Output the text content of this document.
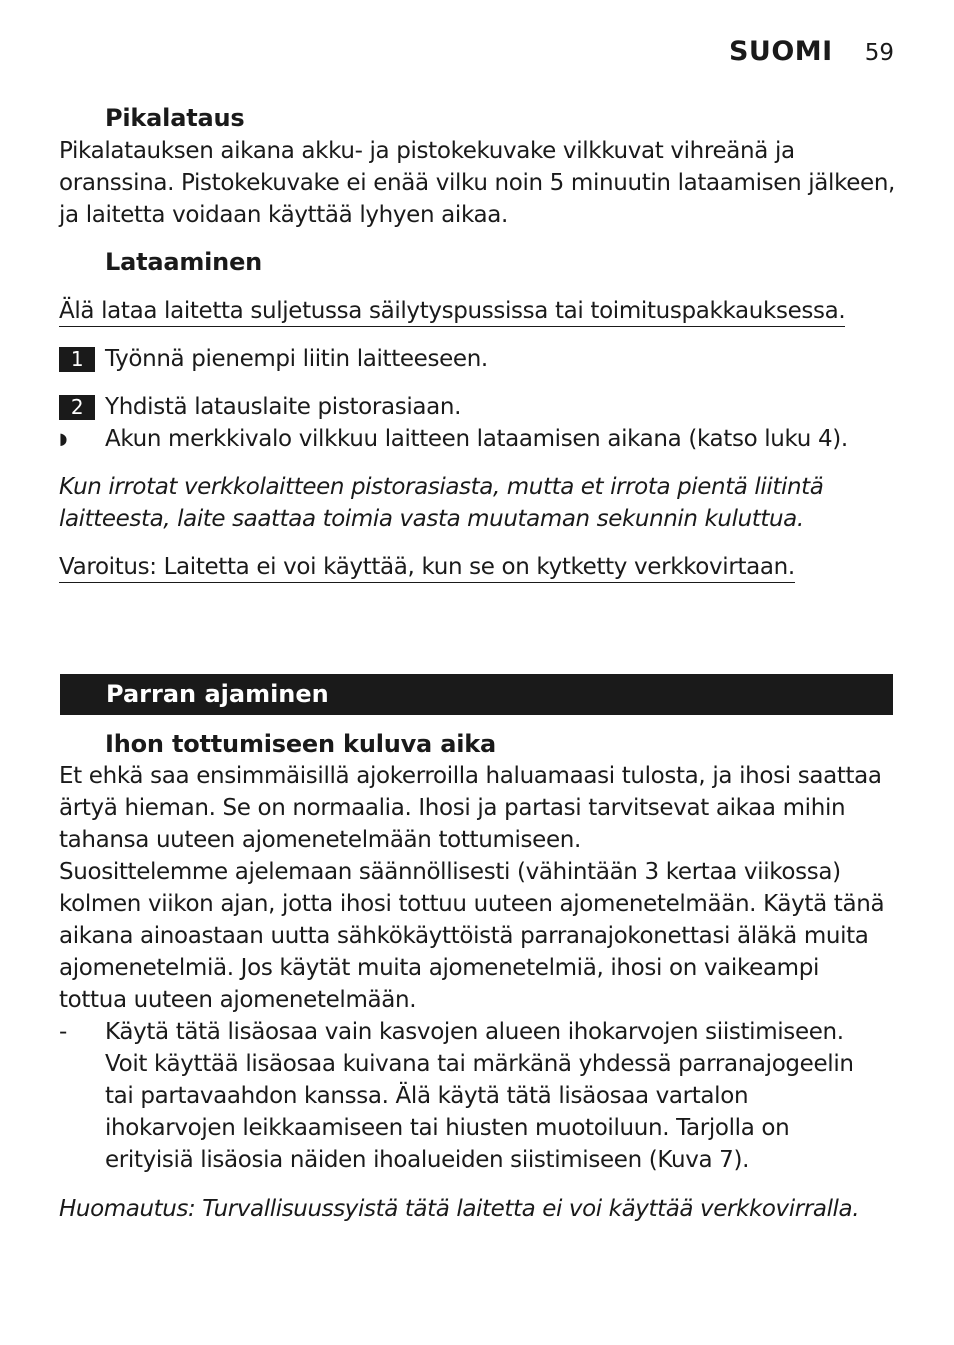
SUOMI 59
Pikalataus
Pikalatauksen aikana akku- ja pistokekuvake vilkkuvat vihreänä ja oranssina. Pistokekuvake ei enää vilku noin 5 minuutin lataamisen jälkeen, ja laitetta voidaan käyttää lyhyen aikaa.
Lataaminen
Älä lataa laitetta suljetussa säilytyspussissa tai toimituspakkauksessa.
1 Työnnä pienempi liitin laitteeseen.
2 Yhdistä latauslaite pistorasiaan.
◗	Akun merkkivalo vilkkuu laitteen lataamisen aikana (katso luku 4).
Kun irrotat verkkolaitteen pistorasiasta, mutta et irrota pientä liitintä laitteesta, laite saattaa toimia vasta muutaman sekunnin kuluttua.
Varoitus: Laitetta ei voi käyttää, kun se on kytketty verkkovirtaan.
Parran ajaminen
Ihon tottumiseen kuluva aika
Et ehkä saa ensimmäisillä ajokerroilla haluamaasi tulosta, ja ihosi saattaa ärtyä hieman. Se on normaalia. Ihosi ja partasi tarvitsevat aikaa mihin tahansa uuteen ajomenetelmään tottumiseen.
Suosittelemme ajelemaan säännöllisesti (vähintään 3 kertaa viikossa) kolmen viikon ajan, jotta ihosi tottuu uuteen ajomenetelmään. Käytä tänä aikana ainoastaan uutta sähkökäyttöistä parranajokonettasi äläkä muita ajomenetelmiä. Jos käytät muita ajomenetelmiä, ihosi on vaikeampi tottua uuteen ajomenetelmään.
-	Käytä tätä lisäosaa vain kasvojen alueen ihokarvojen siistimiseen. Voit käyttää lisäosaa kuivana tai märkänä yhdessä parranajogeelin tai partavaahdon kanssa. Älä käytä tätä lisäosaa vartalon ihokarvojen leikkaamiseen tai hiusten muotoiluun. Tarjolla on erityisiä lisäosia näiden ihoalueiden siistimiseen (Kuva 7).
Huomautus: Turvallisuussyistä tätä laitetta ei voi käyttää verkkovirralla.
